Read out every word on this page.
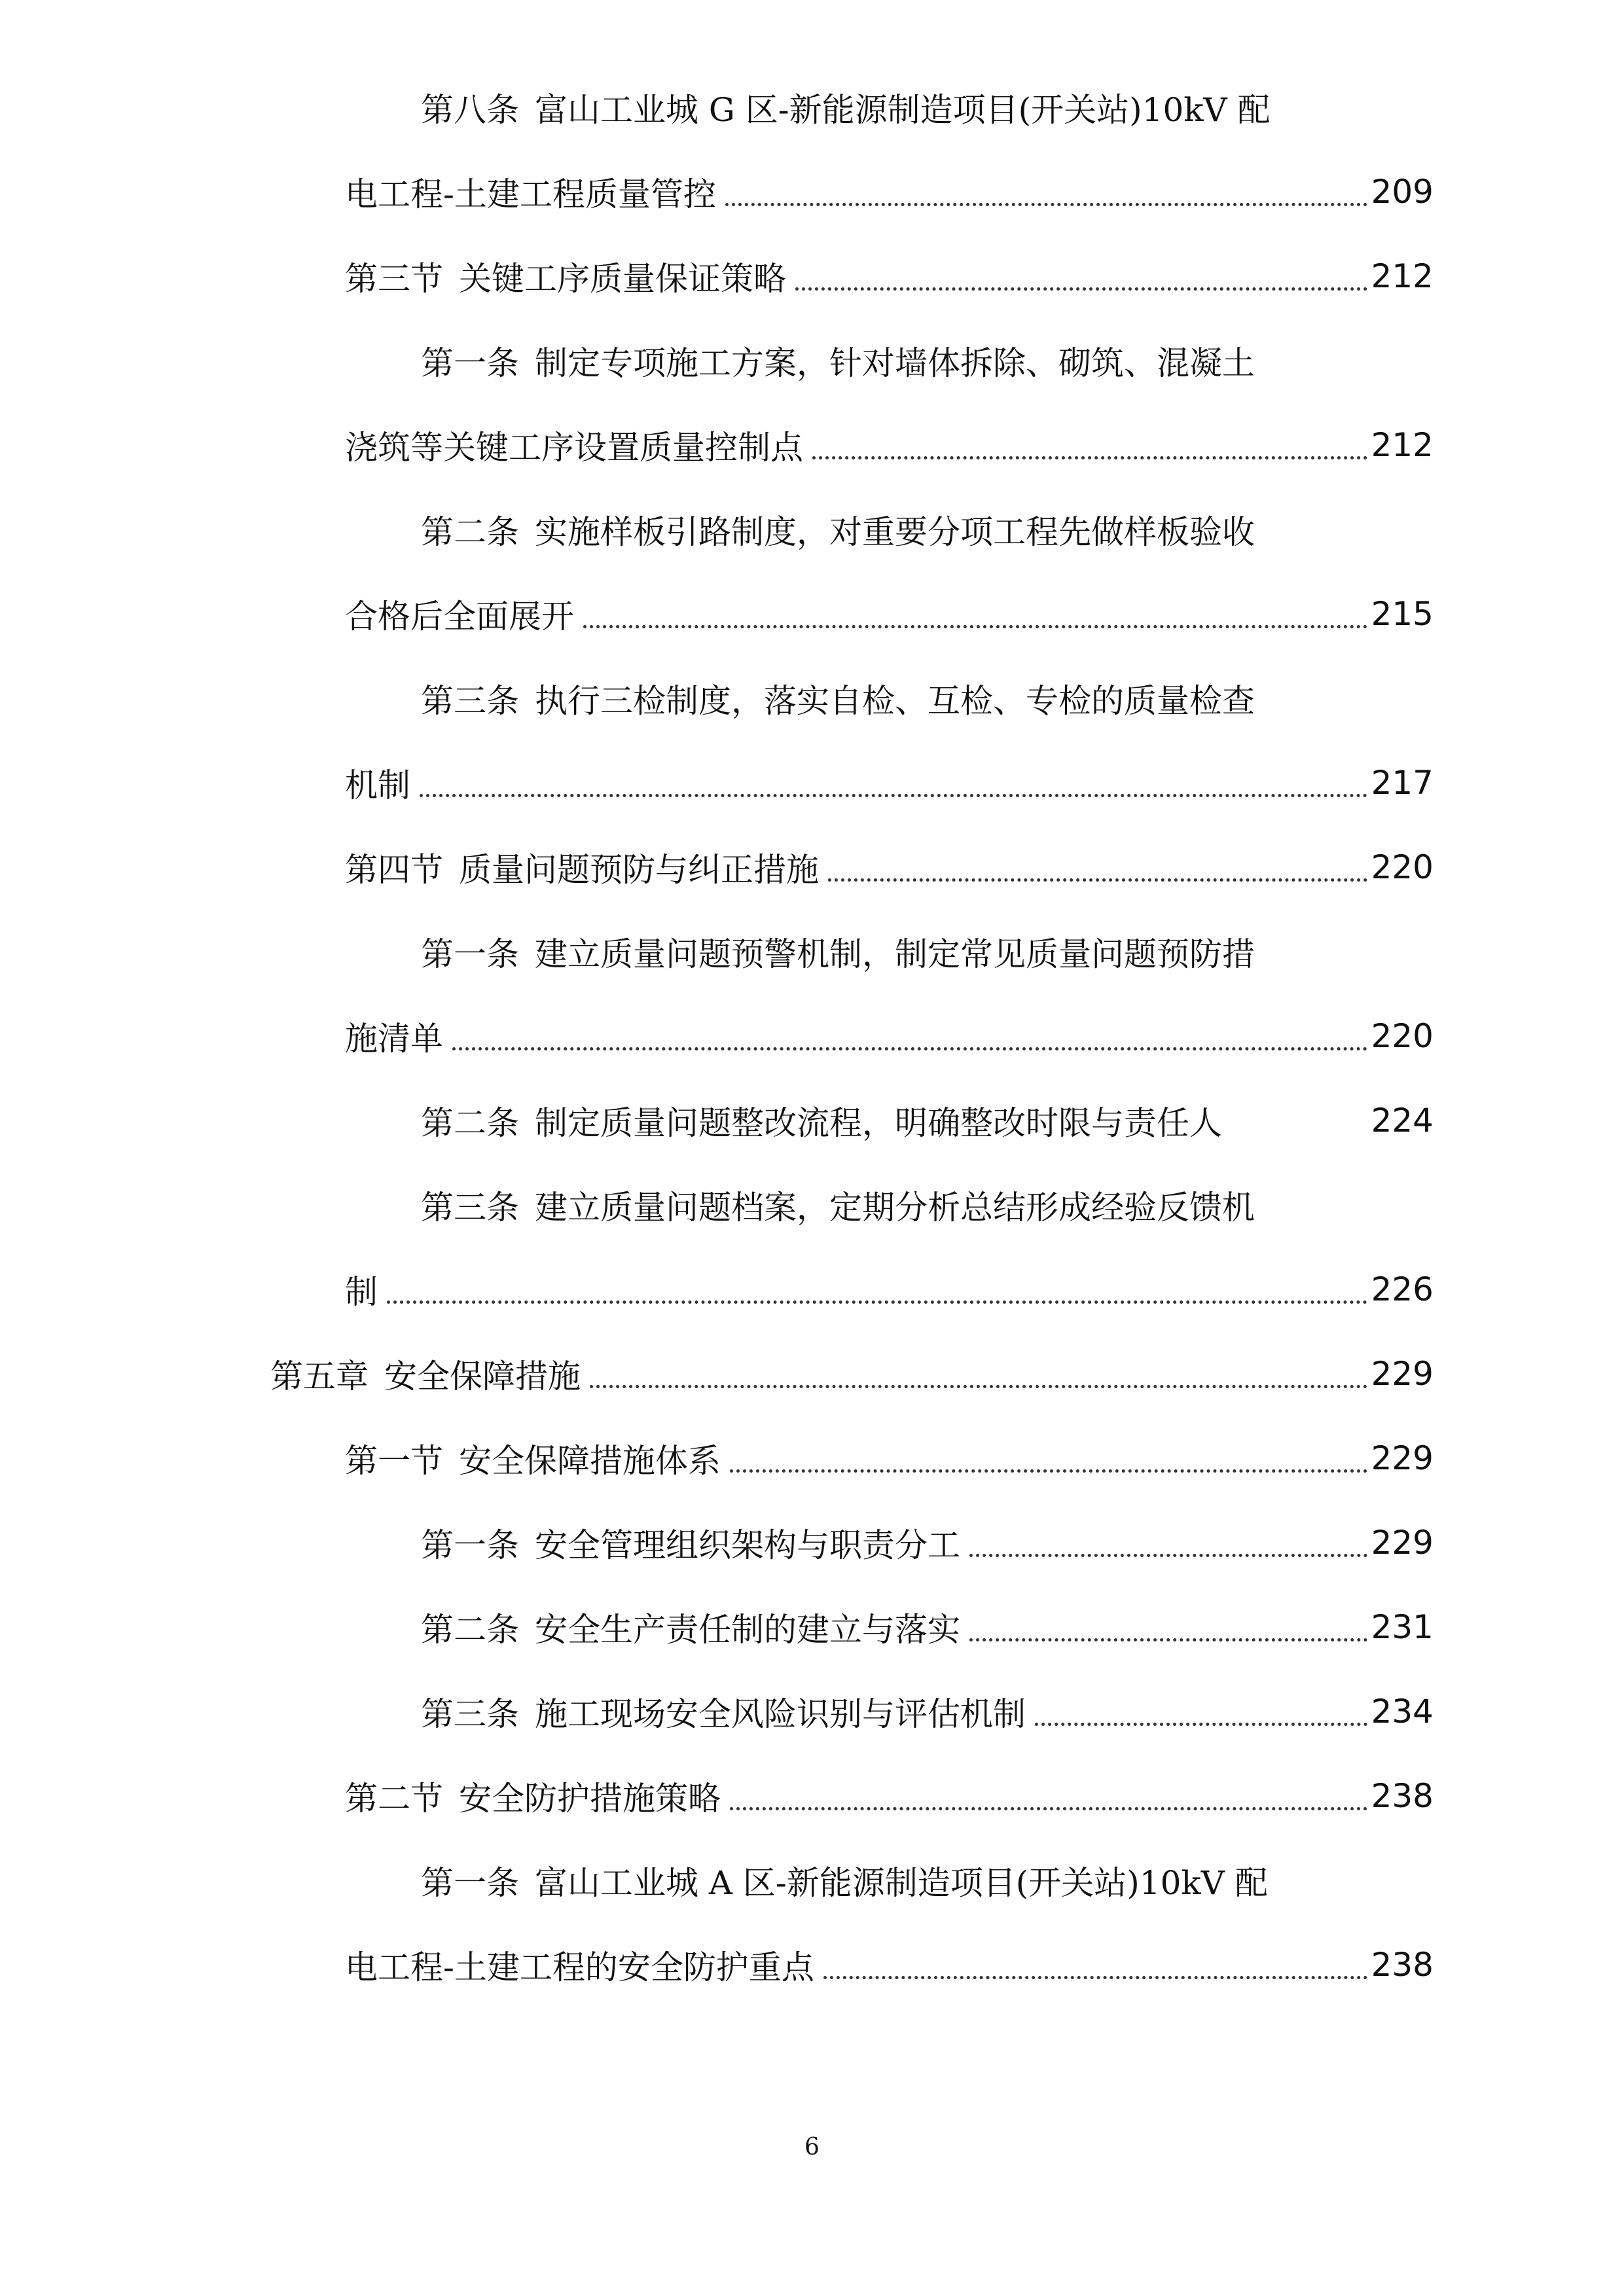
第八条 富山工业城 G 区-新能源制造项目(开关站)10kV 配
电工程-土建工程质量管控	209
第三节 关键工序质量保证策略	212
第一条 制定专项施工方案，针对墙体拆除、砌筑、混凝土
浇筑等关键工序设置质量控制点	212
第二条 实施样板引路制度，对重要分项工程先做样板验收
合格后全面展开	215
第三条 执行三检制度，落实自检、互检、专检的质量检查
机制	217
第四节 质量问题预防与纠正措施	220
第一条 建立质量问题预警机制，制定常见质量问题预防措
施清单	220
第二条 制定质量问题整改流程，明确整改时限与责任人	224
第三条 建立质量问题档案，定期分析总结形成经验反馈机
制	226
第五章 安全保障措施	229
第一节 安全保障措施体系	229
第一条 安全管理组织架构与职责分工	229
第二条 安全生产责任制的建立与落实	231
第三条 施工现场安全风险识别与评估机制	234
第二节 安全防护措施策略	238
第一条 富山工业城 A 区-新能源制造项目(开关站)10kV 配
电工程-土建工程的安全防护重点	238
6
